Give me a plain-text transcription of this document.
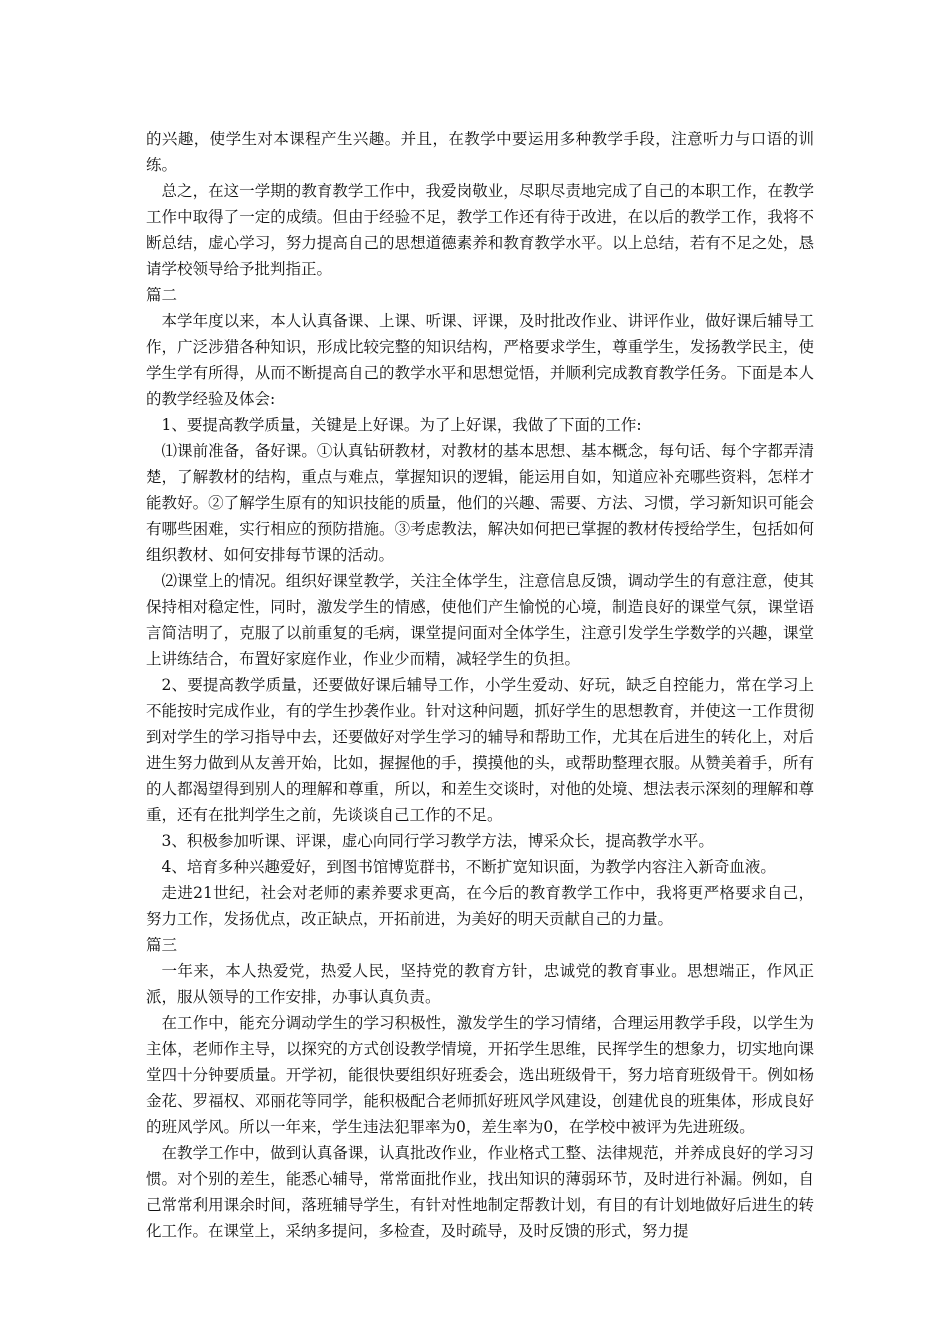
的兴趣，使学生对本课程产生兴趣。并且，在教学中要运用多种教学手段，注意听力与口语的训练。

总之，在这一学期的教育教学工作中，我爱岗敬业，尽职尽责地完成了自己的本职工作，在教学工作中取得了一定的成绩。但由于经验不足，教学工作还有待于改进，在以后的教学工作，我将不断总结，虚心学习，努力提高自己的思想道德素养和教育教学水平。以上总结，若有不足之处，恳请学校领导给予批判指正。

篇二

本学年度以来，本人认真备课、上课、听课、评课，及时批改作业、讲评作业，做好课后辅导工作，广泛涉猎各种知识，形成比较完整的知识结构，严格要求学生，尊重学生，发扬教学民主，使学生学有所得，从而不断提高自己的教学水平和思想觉悟，并顺利完成教育教学任务。下面是本人的教学经验及体会:

1、要提高教学质量，关键是上好课。为了上好课，我做了下面的工作:

⑴课前准备，备好课。①认真钻研教材，对教材的基本思想、基本概念，每句话、每个字都弄清楚，了解教材的结构，重点与难点，掌握知识的逻辑，能运用自如，知道应补充哪些资料，怎样才能教好。②了解学生原有的知识技能的质量，他们的兴趣、需要、方法、习惯，学习新知识可能会有哪些困难，实行相应的预防措施。③考虑教法，解决如何把已掌握的教材传授给学生，包括如何组织教材、如何安排每节课的活动。

⑵课堂上的情况。组织好课堂教学，关注全体学生，注意信息反馈，调动学生的有意注意，使其保持相对稳定性，同时，激发学生的情感，使他们产生愉悦的心境，制造良好的课堂气氛，课堂语言简洁明了，克服了以前重复的毛病，课堂提问面对全体学生，注意引发学生学数学的兴趣，课堂上讲练结合，布置好家庭作业，作业少而精，减轻学生的负担。

2、要提高教学质量，还要做好课后辅导工作，小学生爱动、好玩，缺乏自控能力，常在学习上不能按时完成作业，有的学生抄袭作业。针对这种问题，抓好学生的思想教育，并使这一工作贯彻到对学生的学习指导中去，还要做好对学生学习的辅导和帮助工作，尤其在后进生的转化上，对后进生努力做到从友善开始，比如，握握他的手，摸摸他的头，或帮助整理衣服。从赞美着手，所有的人都渴望得到别人的理解和尊重，所以，和差生交谈时，对他的处境、想法表示深刻的理解和尊重，还有在批判学生之前，先谈谈自己工作的不足。

3、积极参加听课、评课，虚心向同行学习教学方法，博采众长，提高教学水平。

4、培育多种兴趣爱好，到图书馆博览群书，不断扩宽知识面，为教学内容注入新奇血液。

走进21世纪，社会对老师的素养要求更高，在今后的教育教学工作中，我将更严格要求自己，努力工作，发扬优点，改正缺点，开拓前进，为美好的明天贡献自己的力量。

篇三

一年来，本人热爱党，热爱人民，坚持党的教育方针，忠诚党的教育事业。思想端正，作风正派，服从领导的工作安排，办事认真负责。

在工作中，能充分调动学生的学习积极性，激发学生的学习情绪，合理运用教学手段，以学生为主体，老师作主导，以探究的方式创设教学情境，开拓学生思维，民挥学生的想象力，切实地向课堂四十分钟要质量。开学初，能很快要组织好班委会，选出班级骨干，努力培育班级骨干。例如杨金花、罗福权、邓丽花等同学，能积极配合老师抓好班风学风建设，创建优良的班集体，形成良好的班风学风。所以一年来，学生违法犯罪率为0，差生率为0，在学校中被评为先进班级。

在教学工作中，做到认真备课，认真批改作业，作业格式工整、法律规范，并养成良好的学习习惯。对个别的差生，能悉心辅导，常常面批作业，找出知识的薄弱环节，及时进行补漏。例如，自己常常利用课余时间，落班辅导学生，有针对性地制定帮教计划，有目的有计划地做好后进生的转化工作。在课堂上，采纳多提问，多检查，及时疏导，及时反馈的形式，努力提
